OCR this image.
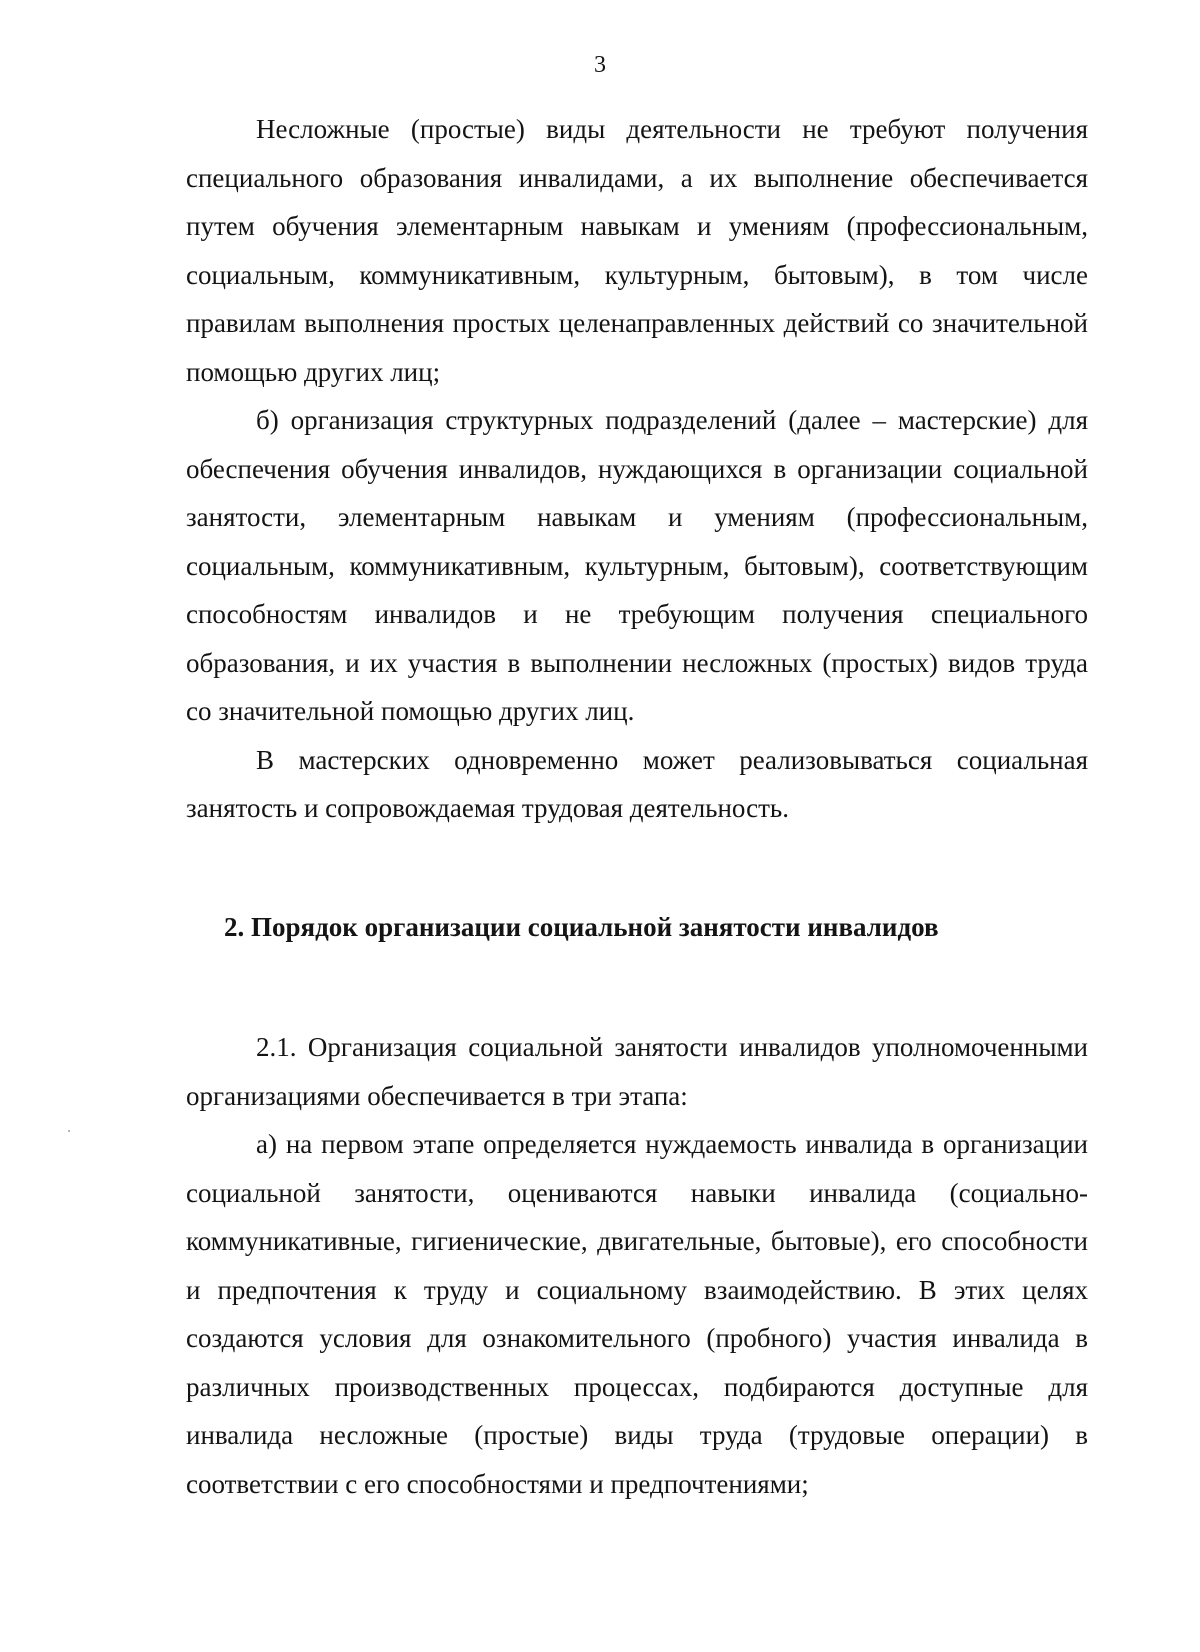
3

Несложные (простые) виды деятельности не требуют получения специального образования инвалидами, а их выполнение обеспечивается путем обучения элементарным навыкам и умениям (профессиональным, социальным, коммуникативным, культурным, бытовым), в том числе правилам выполнения простых целенаправленных действий со значительной помощью других лиц;

б) организация структурных подразделений (далее – мастерские) для обеспечения обучения инвалидов, нуждающихся в организации социальной занятости, элементарным навыкам и умениям (профессиональным, социальным, коммуникативным, культурным, бытовым), соответствующим способностям инвалидов и не требующим получения специального образования, и их участия в выполнении несложных (простых) видов труда со значительной помощью других лиц.

В мастерских одновременно может реализовываться социальная занятость и сопровождаемая трудовая деятельность.

2. Порядок организации социальной занятости инвалидов

2.1. Организация социальной занятости инвалидов уполномоченными организациями обеспечивается в три этапа:

а) на первом этапе определяется нуждаемость инвалида в организации социальной занятости, оцениваются навыки инвалида (социально-коммуникативные, гигиенические, двигательные, бытовые), его способности и предпочтения к труду и социальному взаимодействию. В этих целях создаются условия для ознакомительного (пробного) участия инвалида в различных производственных процессах, подбираются доступные для инвалида несложные (простые) виды труда (трудовые операции) в соответствии с его способностями и предпочтениями;
